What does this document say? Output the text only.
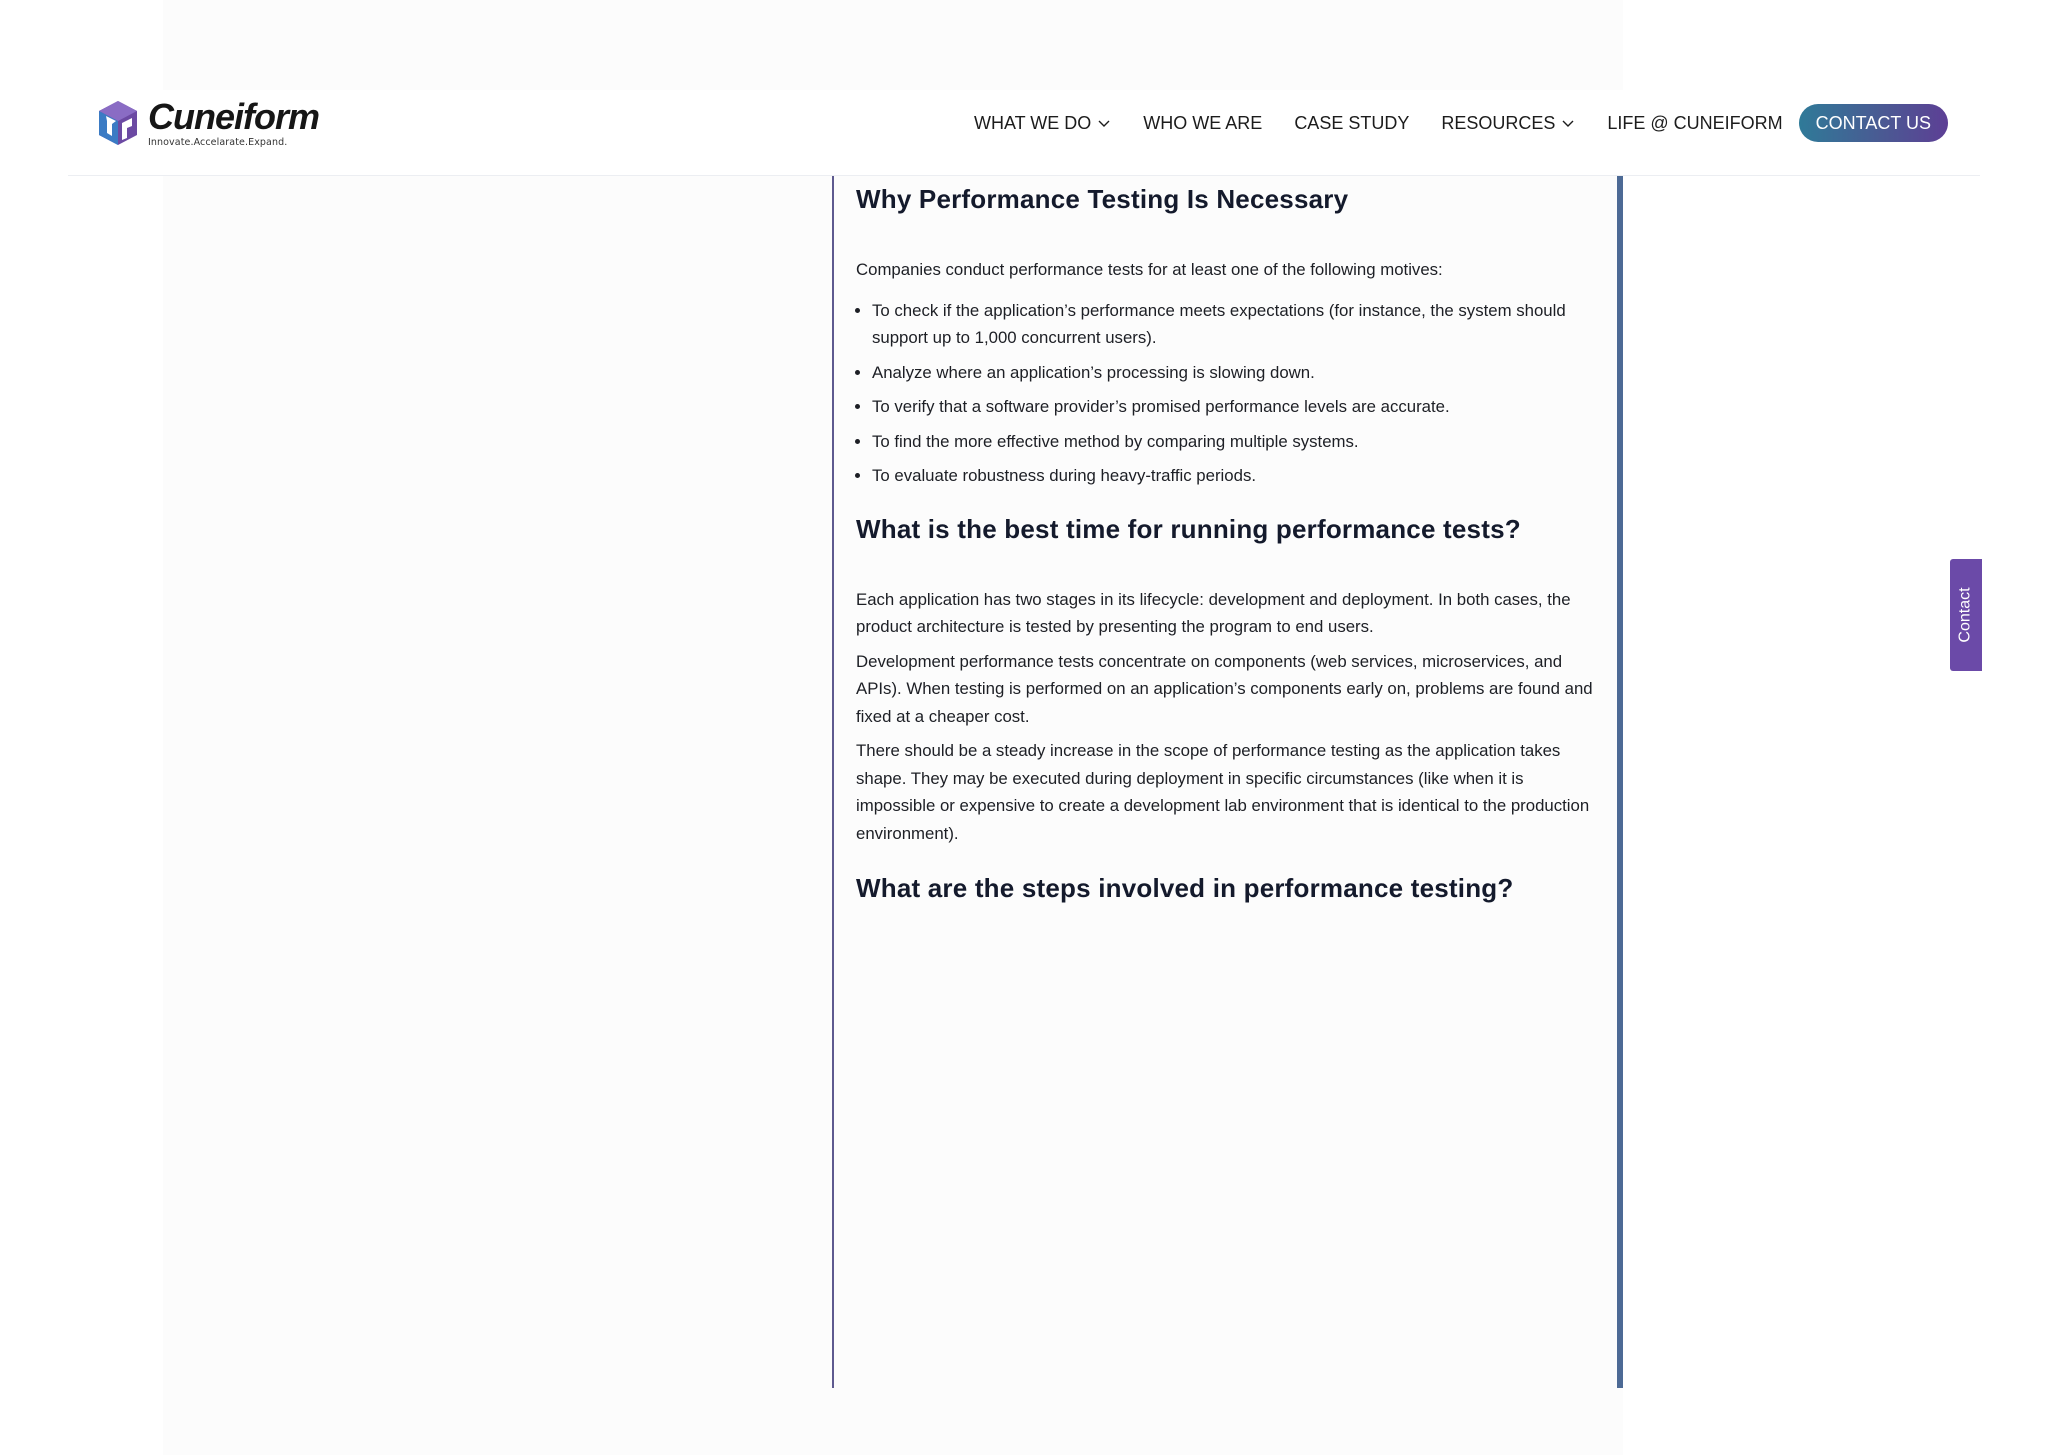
Cuneiform
Innovate.Accelarate.Expand.
WHAT WE DO	WHO WE ARE CASE STUDY RESOURCES	LIFE @ CUNEIFORM	CONTACT US
Why Performance Testing Is Necessary

Companies conduct performance tests for at least one of the following motives:

• To check if the application’s performance meets expectations (for instance, the system should support up to 1,000 concurrent users).
• Analyze where an application’s processing is slowing down.
• To verify that a software provider’s promised performance levels are accurate.
• To find the more effective method by comparing multiple systems.
• To evaluate robustness during heavy-traffic periods.
What is the best time for running performance tests?

Each application has two stages in its lifecycle: development and deployment. In both cases, the product architecture is tested by presenting the program to end users.

Development performance tests concentrate on components (web services, microservices, and APIs). When testing is performed on an application’s components early on, problems are found and fixed at a cheaper cost.

There should be a steady increase in the scope of performance testing as the application takes shape. They may be executed during deployment in specific circumstances (like when it is impossible or expensive to create a development lab environment that is identical to the production environment).

What are the steps involved in performance testing?
Contact
